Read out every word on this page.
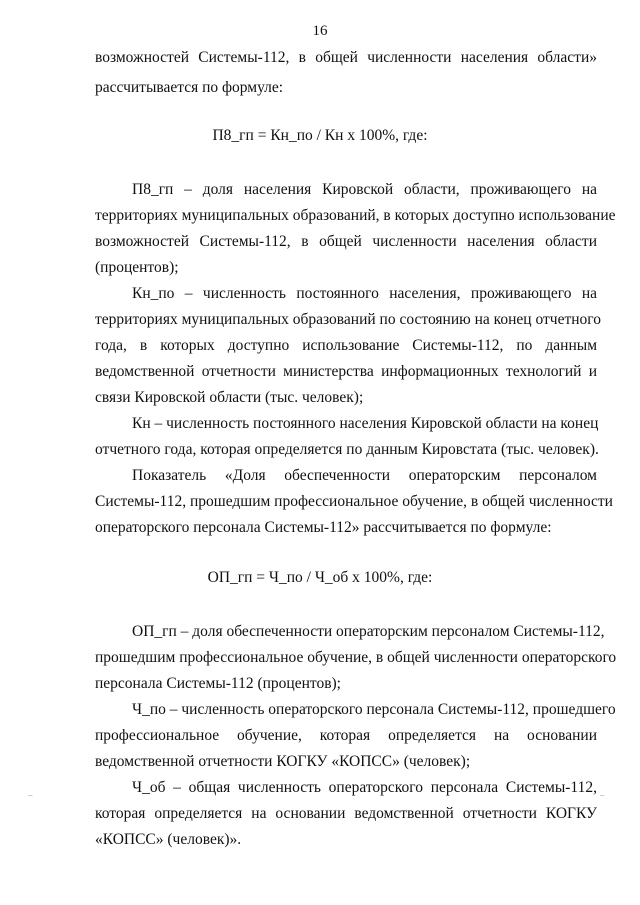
16
возможностей Системы-112, в общей численности населения области»
рассчитывается по формуле:
П8_гп = Кн_по / Кн х 100%, где:
П8_гп – доля населения Кировской области, проживающего на
территориях муниципальных образований, в которых доступно использование
возможностей Системы-112, в общей численности населения области
(процентов);
Кн_по – численность постоянного населения, проживающего на
территориях муниципальных образований по состоянию на конец отчетного
года, в которых доступно использование Системы-112, по данным
ведомственной отчетности министерства информационных технологий и
связи Кировской области (тыс. человек);
Кн – численность постоянного населения Кировской области на конец
отчетного года, которая определяется по данным Кировстата (тыс. человек).
Показатель «Доля обеспеченности операторским персоналом
Системы-112, прошедшим профессиональное обучение, в общей численности
операторского персонала Системы-112» рассчитывается по формуле:
ОП_гп = Ч_по / Ч_об х 100%, где:
ОП_гп – доля обеспеченности операторским персоналом Системы-112,
прошедшим профессиональное обучение, в общей численности операторского
персонала Системы-112 (процентов);
Ч_по – численность операторского персонала Системы-112, прошедшего
профессиональное обучение, которая определяется на основании
ведомственной отчетности КОГКУ «КОПСС» (человек);
Ч_об – общая численность операторского персонала Системы-112,
которая определяется на основании ведомственной отчетности КОГКУ
«КОПСС» (человек)».
–	–
